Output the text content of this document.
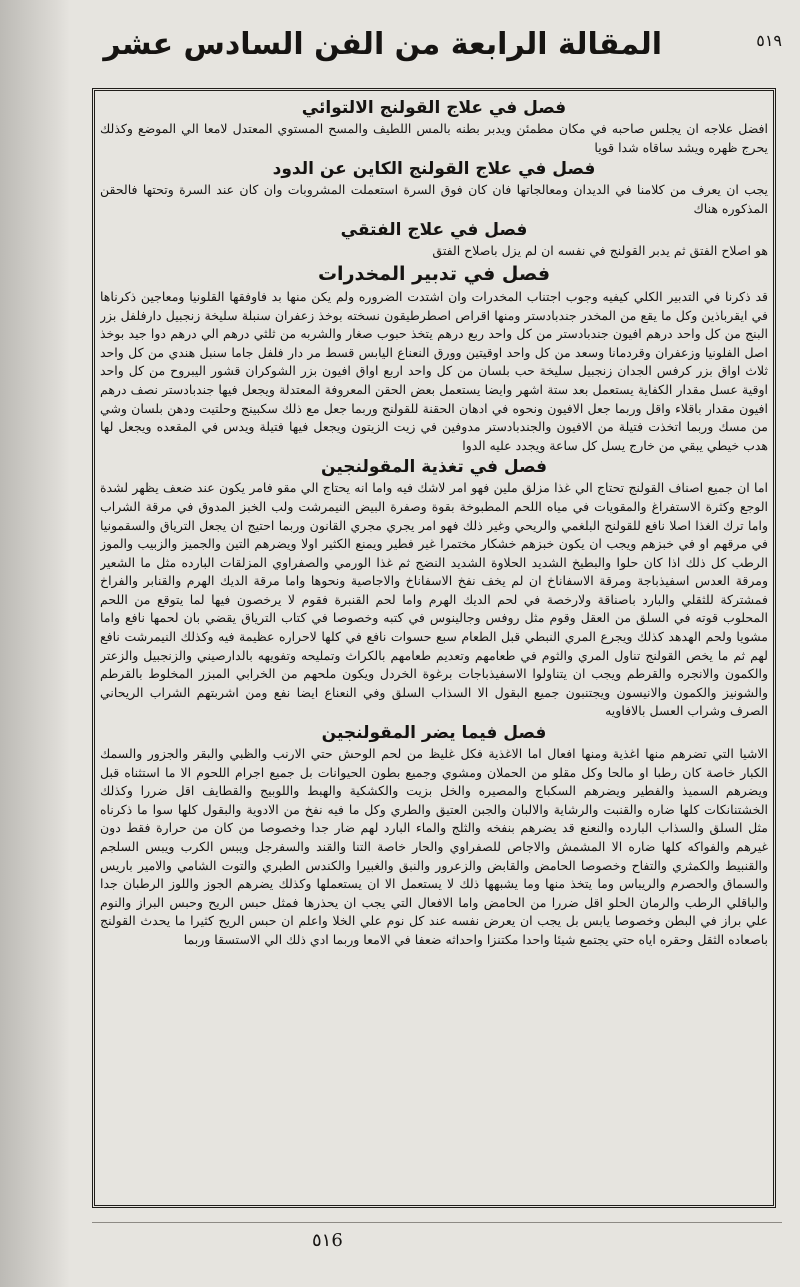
٥١٩
المقالة الرابعة من الفن السادس عشر
فصل في علاج القولنج الالتوائي

افضل علاجه ان يجلس صاحبه في مكان مطمئن ويدبر بطنه بالمس اللطيف والمسح المستوي المعتدل لامعا الي الموضع وكذلك يحرج ظهره ويشد ساقاه شدا قويا

فصل في علاج القولنج الكاين عن الدود

يجب ان يعرف من كلامنا في الديدان ومعالجاتها فان كان فوق السرة استعملت المشروبات وان كان عند السرة وتحتها فالحقن المذكوره هناك

فصل في علاج الفتقي

هو اصلاح الفتق ثم يدبر القولنج في نفسه ان لم يزل باصلاح الفتق

فصل في تدبير المخدرات

قد ذكرنا في التدبير الكلي كيفيه وجوب اجتناب المخدرات وان اشتدت الضروره ولم يكن منها بد فاوفقها القلونيا ومعاجين ذكرناها في ايقرباذين وكل ما يقع من المخدر جندبادستر ومنها اقراص اصطرطيقون نسخته بوخذ زعفران سنبلة سليخة زنجبيل دارفلفل بزر البنج من كل واحد درهم افيون جندبادستر من كل واحد ربع درهم يتخذ حبوب صغار والشربه من ثلثي درهم الي درهم دوا جيد بوخذ اصل الفلونيا وزعفران وقردمانا وسعد من كل واحد اوقيتين وورق النعناع اليابس قسط مر دار فلفل جاما سنبل هندي من كل واحد ثلاث اواق بزر كرفس الجدان زنجبيل سليخة حب بلسان من كل واحد اربع اواق افيون بزر الشوكران قشور اليبروح من كل واحد اوقية عسل مقدار الكفاية يستعمل بعد ستة اشهر وايضا يستعمل بعض الحقن المعروفة المعتدلة ويجعل فيها جندبادستر نصف درهم افيون مقدار باقلاء واقل وربما جعل الافيون ونحوه في ادهان الحقنة للقولنج وربما جعل مع ذلك سكبينج وحلتيت ودهن بلسان وشي من مسك وربما اتخذت فتيلة من الافيون والجندبادستر مدوفين في زيت الزيتون ويجعل فيها فتيلة ويدس في المقعده ويجعل لها هدب خيطي يبقي من خارج يسل كل ساعة ويجدد عليه الدوا

فصل في تغذية المقولنجين

اما ان جميع اصناف القولنج تحتاج الي غذا مزلق ملين فهو امر لاشك فيه واما انه يحتاج الي مقو فامر يكون عند ضعف يظهر لشدة الوجع وكثرة الاستفراغ والمقويات في مياه اللحم المطبوخة بقوة وصفرة البيض النيمرشت ولب الخبز المدوق في مرقة الشراب واما ترك الغذا اصلا نافع للقولنج البلغمي والريحي وغير ذلك فهو امر يجري مجري القانون وربما احتيج ان يجعل الترياق والسقمونيا في مرقهم او في خبزهم ويجب ان يكون خبزهم خشكار مختمرا غير فطير ويمنع الكثير اولا ويضرهم التين والجميز والزبيب والموز الرطب كل ذلك اذا كان حلوا والبطيخ الشديد الحلاوة الشديد النضج ثم غذا الورمي والصفراوي المزلقات البارده مثل ما الشعير ومرقة العدس اسفيذباجة ومرقة الاسفاناخ ان لم يخف نفخ الاسفاناخ والاجاصية ونحوها واما مرقة الديك الهرم والقنابر والفراخ فمشتركة للثقلي والبارد باصناقة ولارخصة في لحم الديك الهرم واما لحم القنبرة فقوم لا يرخصون فيها لما يتوقع من اللحم المحلوب قوته في السلق من العقل وقوم مثل روفس وجالينوس في كتبه وخصوصا في كتاب الترياق يقضي بان لحمها نافع واما مشويا ولحم الهدهد كذلك ويجرع المري النبطي قبل الطعام سبع حسوات نافع في كلها لاحراره عظيمة فيه وكذلك النيمرشت نافع لهم ثم ما يخص القولنج تناول المري والثوم في طعامهم وتعديم طعامهم بالكراث وتمليحه وتفويهه بالدارصيني والزنجبيل والزعتر والكمون والانجره والقرطم ويجب ان يتناولوا الاسفيذباجات برغوة الخردل ويكون ملحهم من الخرابي المبزر المخلوط بالقرطم والشونيز والكمون والانيسون ويجتنبون جميع البقول الا السذاب السلق وفي النعناع ايضا نفع ومن اشربتهم الشراب الريحاني الصرف وشراب العسل بالافاويه

فصل فيما يضر المقولنجين

الاشيا التي تضرهم منها اغذية ومنها افعال اما الاغذية فكل غليظ من لحم الوحش حتي الارنب والظبي والبقر والجزور والسمك الكبار خاصة كان رطبا او مالحا وكل مقلو من الحملان ومشوي وجميع بطون الحيوانات بل جميع اجرام اللحوم الا ما استثناه قبل ويضرهم السميذ والفطير ويضرهم السكباج والمصيره والخل بزيت والكشكية والهبط واللوبيج والقطايف اقل ضررا وكذلك الخشتنانكات كلها ضاره والقنبت والرشاية والالبان والجبن العتيق والطري وكل ما فيه نفخ من الادوية والبقول كلها سوا ما ذكرناه مثل السلق والسذاب البارده والنعنع قد يضرهم بنفخه والثلج والماء البارد لهم ضار جدا وخصوصا من كان من حرارة فقط دون غيرهم والفواكه كلها ضاره الا المشمش والاجاص للصفراوي والحار خاصة التنا والقند والسفرجل ويبس الكرب ويبس السلجم والقنبيط والكمثري والتفاح وخصوصا الحامض والقابض والزعرور والنبق والغبيرا والكندس الطبري والتوت الشامي والامير باريس والسماق والحصرم والريباس وما يتخذ منها وما يشبهها ذلك لا يستعمل الا ان يستعملها وكذلك يضرهم الجوز واللوز الرطبان جدا والباقلي الرطب والرمان الحلو اقل ضررا من الحامض واما الافعال التي يجب ان يحذرها فمثل حبس الريح وحبس البراز والنوم علي براز في البطن وخصوصا يابس بل يجب ان يعرض نفسه عند كل نوم علي الخلا واعلم ان حبس الريح كثيرا ما يحدث القولنج باصعاده الثقل وحقره اياه حتي يجتمع شيئا واحدا مكتنزا واحداثه ضعفا في الامعا وربما ادي ذلك الي الاستسقا وربما

٥١6
